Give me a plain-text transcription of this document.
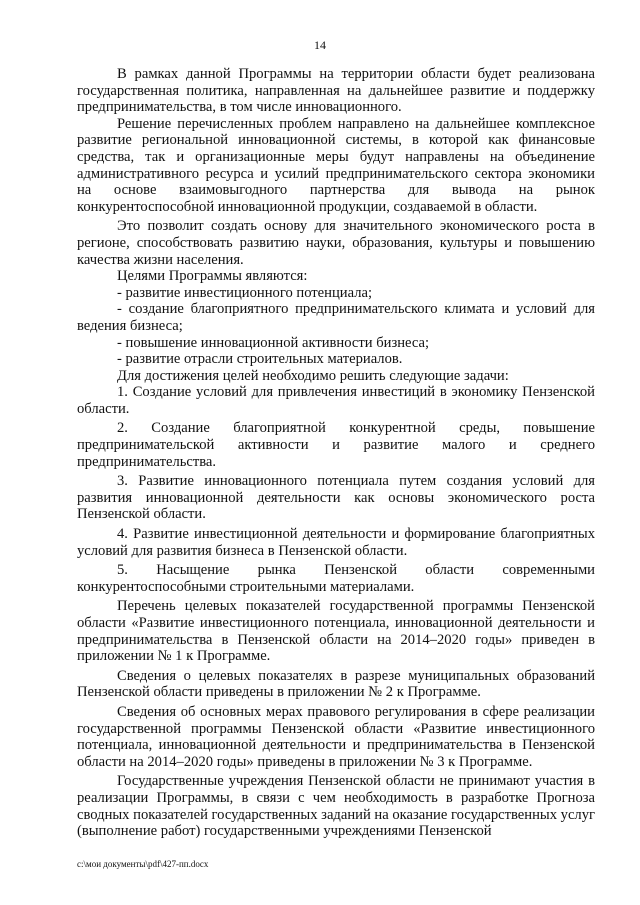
14

В рамках данной Программы на территории области будет реализована государственная политика, направленная на дальнейшее развитие и поддержку предпринимательства, в том числе инновационного.

Решение перечисленных проблем направлено на дальнейшее комплексное развитие региональной инновационной системы, в которой как финансовые средства, так и организационные меры будут направлены на объединение административного ресурса и усилий предпринимательского сектора экономики на основе взаимовыгодного партнерства для вывода на рынок конкурентоспособной инновационной продукции, создаваемой в области.

Это позволит создать основу для значительного экономического роста в регионе, способствовать развитию науки, образования, культуры и повышению качества жизни населения.

Целями Программы являются:

- развитие инвестиционного потенциала;

- создание благоприятного предпринимательского климата и условий для ведения бизнеса;

- повышение инновационной активности бизнеса;

- развитие отрасли строительных материалов.

Для достижения целей необходимо решить следующие задачи:

1. Создание условий для привлечения инвестиций в экономику Пензенской области.

2. Создание благоприятной конкурентной среды, повышение предпринимательской активности и развитие малого и среднего предпринимательства.

3. Развитие инновационного потенциала путем создания условий для развития инновационной деятельности как основы экономического роста Пензенской области.

4. Развитие инвестиционной деятельности и формирование благоприятных условий для развития бизнеса в Пензенской области.

5. Насыщение рынка Пензенской области современными конкурентоспособными строительными материалами.

Перечень целевых показателей государственной программы Пензенской области «Развитие инвестиционного потенциала, инновационной деятельности и предпринимательства в Пензенской области на 2014–2020 годы» приведен в приложении № 1 к Программе.

Сведения о целевых показателях в разрезе муниципальных образований Пензенской области приведены в приложении № 2 к Программе.

Сведения об основных мерах правового регулирования в сфере реализации государственной программы Пензенской области «Развитие инвестиционного потенциала, инновационной деятельности и предпринимательства в Пензенской области на 2014–2020 годы» приведены в приложении № 3 к Программе.

Государственные учреждения Пензенской области не принимают участия в реализации Программы, в связи с чем необходимость в разработке Прогноза сводных показателей государственных заданий на оказание государственных услуг (выполнение работ) государственными учреждениями Пензенской

c:\мои документы\pdf\427-пп.docx
